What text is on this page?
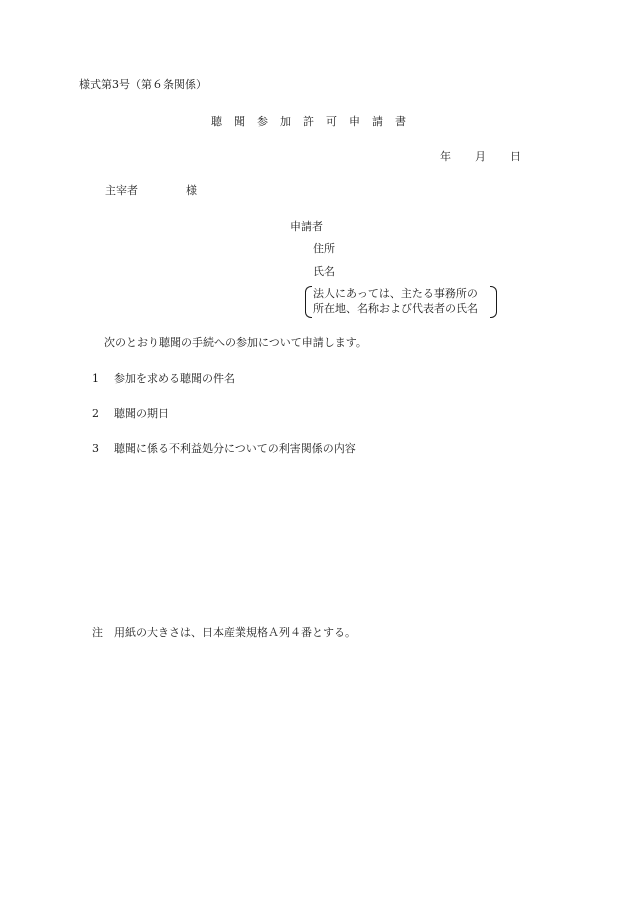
様式第3号（第６条関係）
聴聞参加許可申請書
年 月 日
主宰者	様
申請者
住所
氏名
法人にあっては、主たる事務所の
所在地、名称および代表者の氏名
次のとおり聴聞の手続への参加について申請します。
1 参加を求める聴聞の件名
2 聴聞の期日
3 聴聞に係る不利益処分についての利害関係の内容
注 用紙の大きさは、日本産業規格Ａ列４番とする。
